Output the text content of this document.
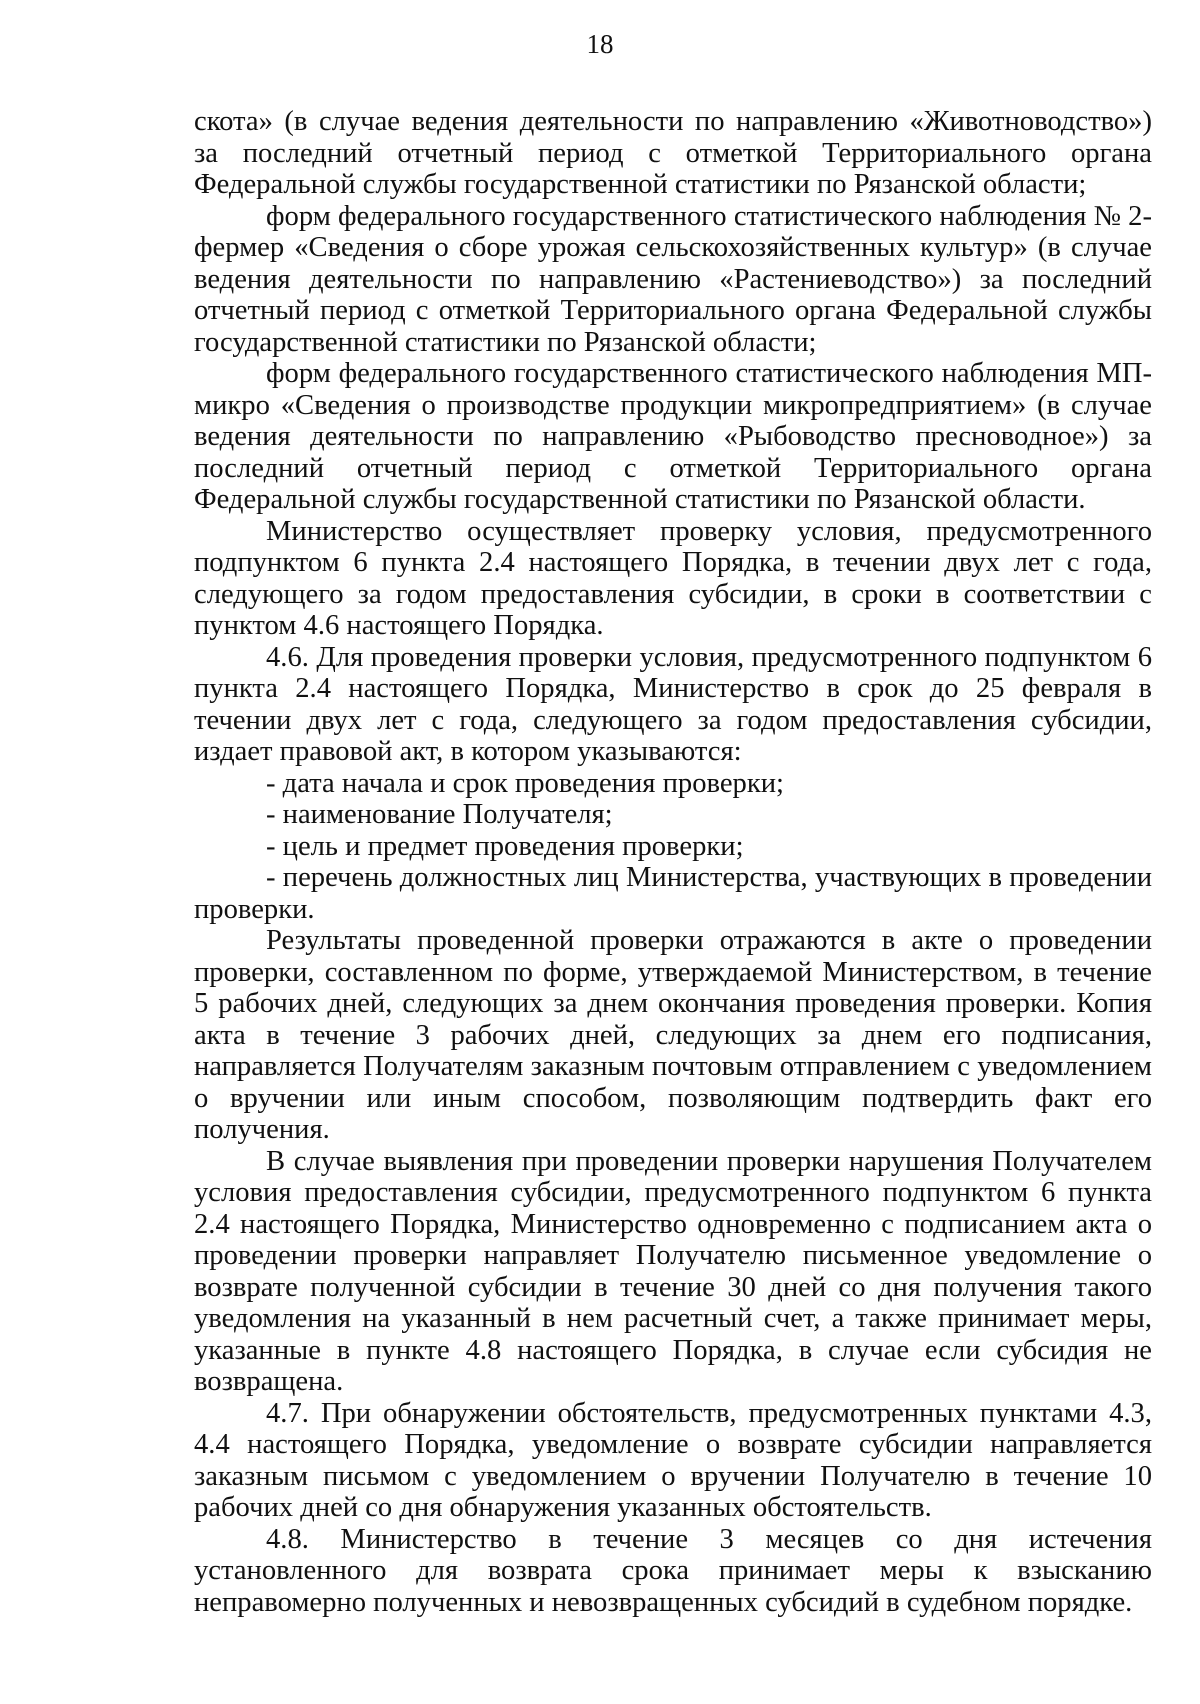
18

скота» (в случае ведения деятельности по направлению «Животноводство») за последний отчетный период с отметкой Территориального органа Федеральной службы государственной статистики по Рязанской области;

форм федерального государственного статистического наблюдения № 2-фермер «Сведения о сборе урожая сельскохозяйственных культур» (в случае ведения деятельности по направлению «Растениеводство») за последний отчетный период с отметкой Территориального органа Федеральной службы государственной статистики по Рязанской области;

форм федерального государственного статистического наблюдения МП-микро «Сведения о производстве продукции микропредприятием» (в случае ведения деятельности по направлению «Рыбоводство пресноводное») за последний отчетный период с отметкой Территориального органа Федеральной службы государственной статистики по Рязанской области.

Министерство осуществляет проверку условия, предусмотренного подпунктом 6 пункта 2.4 настоящего Порядка, в течении двух лет с года, следующего за годом предоставления субсидии, в сроки в соответствии с пунктом 4.6 настоящего Порядка.

4.6. Для проведения проверки условия, предусмотренного подпунктом 6 пункта 2.4 настоящего Порядка, Министерство в срок до 25 февраля в течении двух лет с года, следующего за годом предоставления субсидии, издает правовой акт, в котором указываются:

- дата начала и срок проведения проверки;

- наименование Получателя;

- цель и предмет проведения проверки;

- перечень должностных лиц Министерства, участвующих в проведении проверки.

Результаты проведенной проверки отражаются в акте о проведении проверки, составленном по форме, утверждаемой Министерством, в течение 5 рабочих дней, следующих за днем окончания проведения проверки. Копия акта в течение 3 рабочих дней, следующих за днем его подписания, направляется Получателям заказным почтовым отправлением с уведомлением о вручении или иным способом, позволяющим подтвердить факт его получения.

В случае выявления при проведении проверки нарушения Получателем условия предоставления субсидии, предусмотренного подпунктом 6 пункта 2.4 настоящего Порядка, Министерство одновременно с подписанием акта о проведении проверки направляет Получателю письменное уведомление о возврате полученной субсидии в течение 30 дней со дня получения такого уведомления на указанный в нем расчетный счет, а также принимает меры, указанные в пункте 4.8 настоящего Порядка, в случае если субсидия не возвращена.

4.7. При обнаружении обстоятельств, предусмотренных пунктами 4.3, 4.4 настоящего Порядка, уведомление о возврате субсидии направляется заказным письмом с уведомлением о вручении Получателю в течение 10 рабочих дней со дня обнаружения указанных обстоятельств.

4.8. Министерство в течение 3 месяцев со дня истечения установленного для возврата срока принимает меры к взысканию неправомерно полученных и невозвращенных субсидий в судебном порядке.
